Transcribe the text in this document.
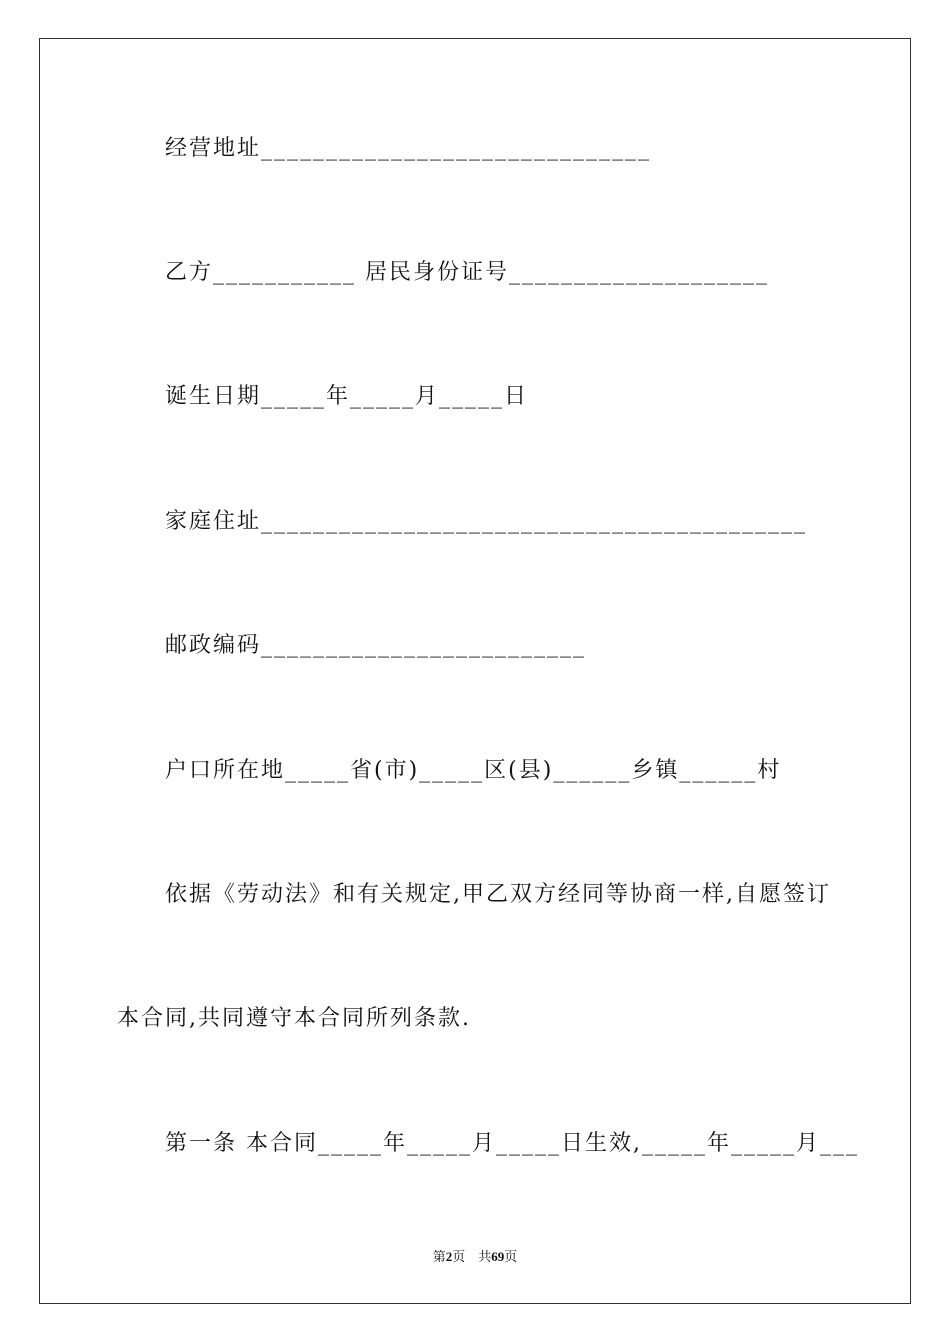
经营地址______________________________
乙方___________ 居民身份证号____________________
诞生日期_____年_____月_____日
家庭住址__________________________________________
邮政编码_________________________
户口所在地_____省(市)_____区(县)______乡镇______村
依据《劳动法》和有关规定,甲乙双方经同等协商一样,自愿签订
本合同,共同遵守本合同所列条款.
第一条 本合同_____年_____月_____日生效,_____年_____月___
第2页　共69页
